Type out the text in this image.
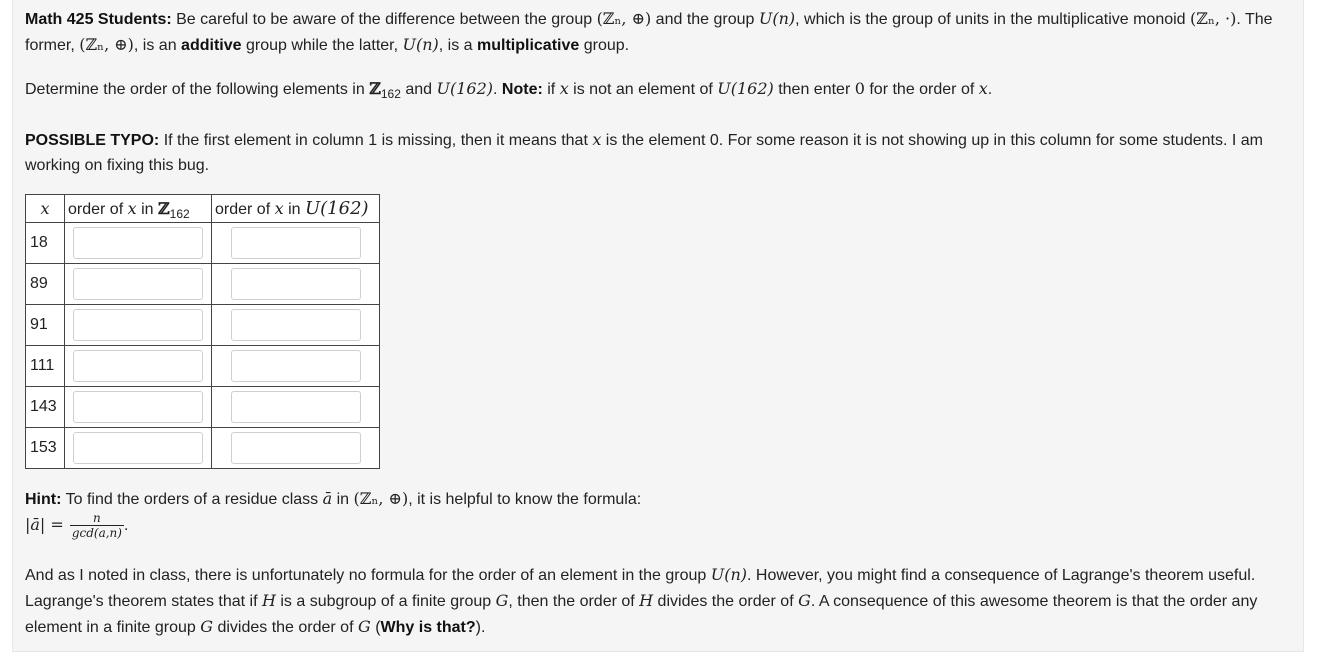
Math 425 Students: Be careful to be aware of the difference between the group (ℤₙ, ⊕) and the group U(n), which is the group of units in the multiplicative monoid (ℤₙ, ·). The former, (ℤₙ, ⊕), is an additive group while the latter, U(n), is a multiplicative group.

Determine the order of the following elements in ℤ$_{162}$ and U(162). Note: if x is not an element of U(162) then enter 0 for the order of x.

POSSIBLE TYPO: If the first element in column 1 is missing, then it means that x is the element 0. For some reason it is not showing up in this column for some students. I am working on fixing this bug.

x	order of x in ℤ$_{162}$	order of x in U(162)
18		
89		
91		
111		
143		
153		

Hint: To find the orders of a residue class ā in (ℤₙ, ⊕), it is helpful to know the formula:

|ā| = $\frac{n}{\gcd(a,n)}$ .

And as I noted in class, there is unfortunately no formula for the order of an element in the group U(n). However, you might find a consequence of Lagrange's theorem useful. Lagrange's theorem states that if H is a subgroup of a finite group G, then the order of H divides the order of G. A consequence of this awesome theorem is that the order any element in a finite group G divides the order of G (Why is that?).
